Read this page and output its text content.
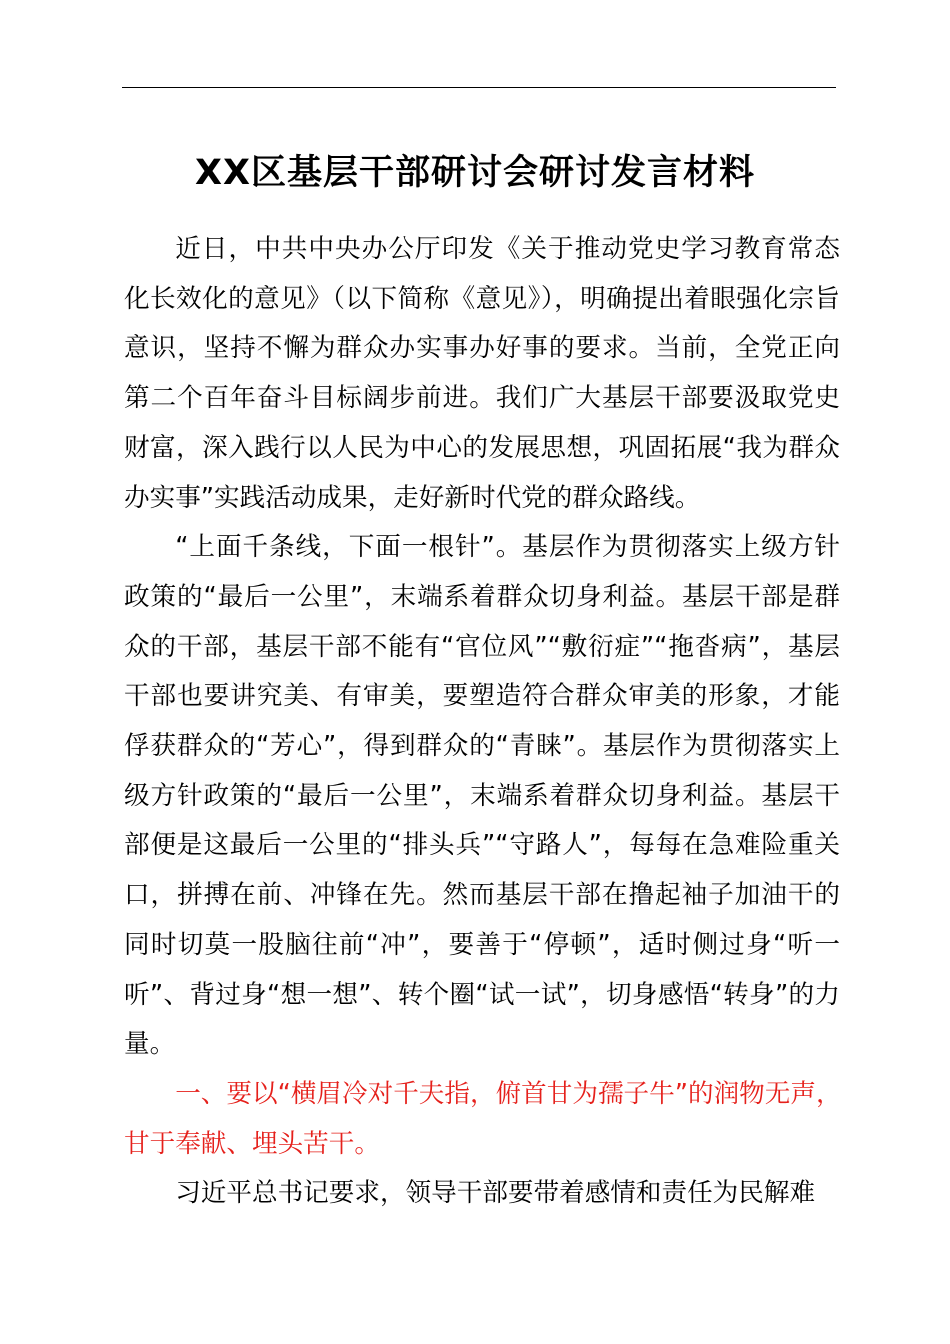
XX区基层干部研讨会研讨发言材料

近日，中共中央办公厅印发《关于推动党史学习教育常态化长效化的意见》（以下简称《意见》），明确提出着眼强化宗旨意识，坚持不懈为群众办实事办好事的要求。当前，全党正向第二个百年奋斗目标阔步前进。我们广大基层干部要汲取党史财富，深入践行以人民为中心的发展思想，巩固拓展“我为群众办实事”实践活动成果，走好新时代党的群众路线。

“上面千条线，下面一根针”。基层作为贯彻落实上级方针政策的“最后一公里”，末端系着群众切身利益。基层干部是群众的干部，基层干部不能有“官位风”“敷衍症”“拖沓病”，基层干部也要讲究美、有审美，要塑造符合群众审美的形象，才能俘获群众的“芳心”，得到群众的“青睐”。基层作为贯彻落实上级方针政策的“最后一公里”，末端系着群众切身利益。基层干部便是这最后一公里的“排头兵”“守路人”，每每在急难险重关口，拼搏在前、冲锋在先。然而基层干部在撸起袖子加油干的同时切莫一股脑往前“冲”，要善于“停顿”，适时侧过身“听一听”、背过身“想一想”、转个圈“试一试”，切身感悟“转身”的力量。

一、要以“横眉冷对千夫指，俯首甘为孺子牛”的润物无声，
甘于奉献、埋头苦干。

习近平总书记要求，领导干部要带着感情和责任为民解难
